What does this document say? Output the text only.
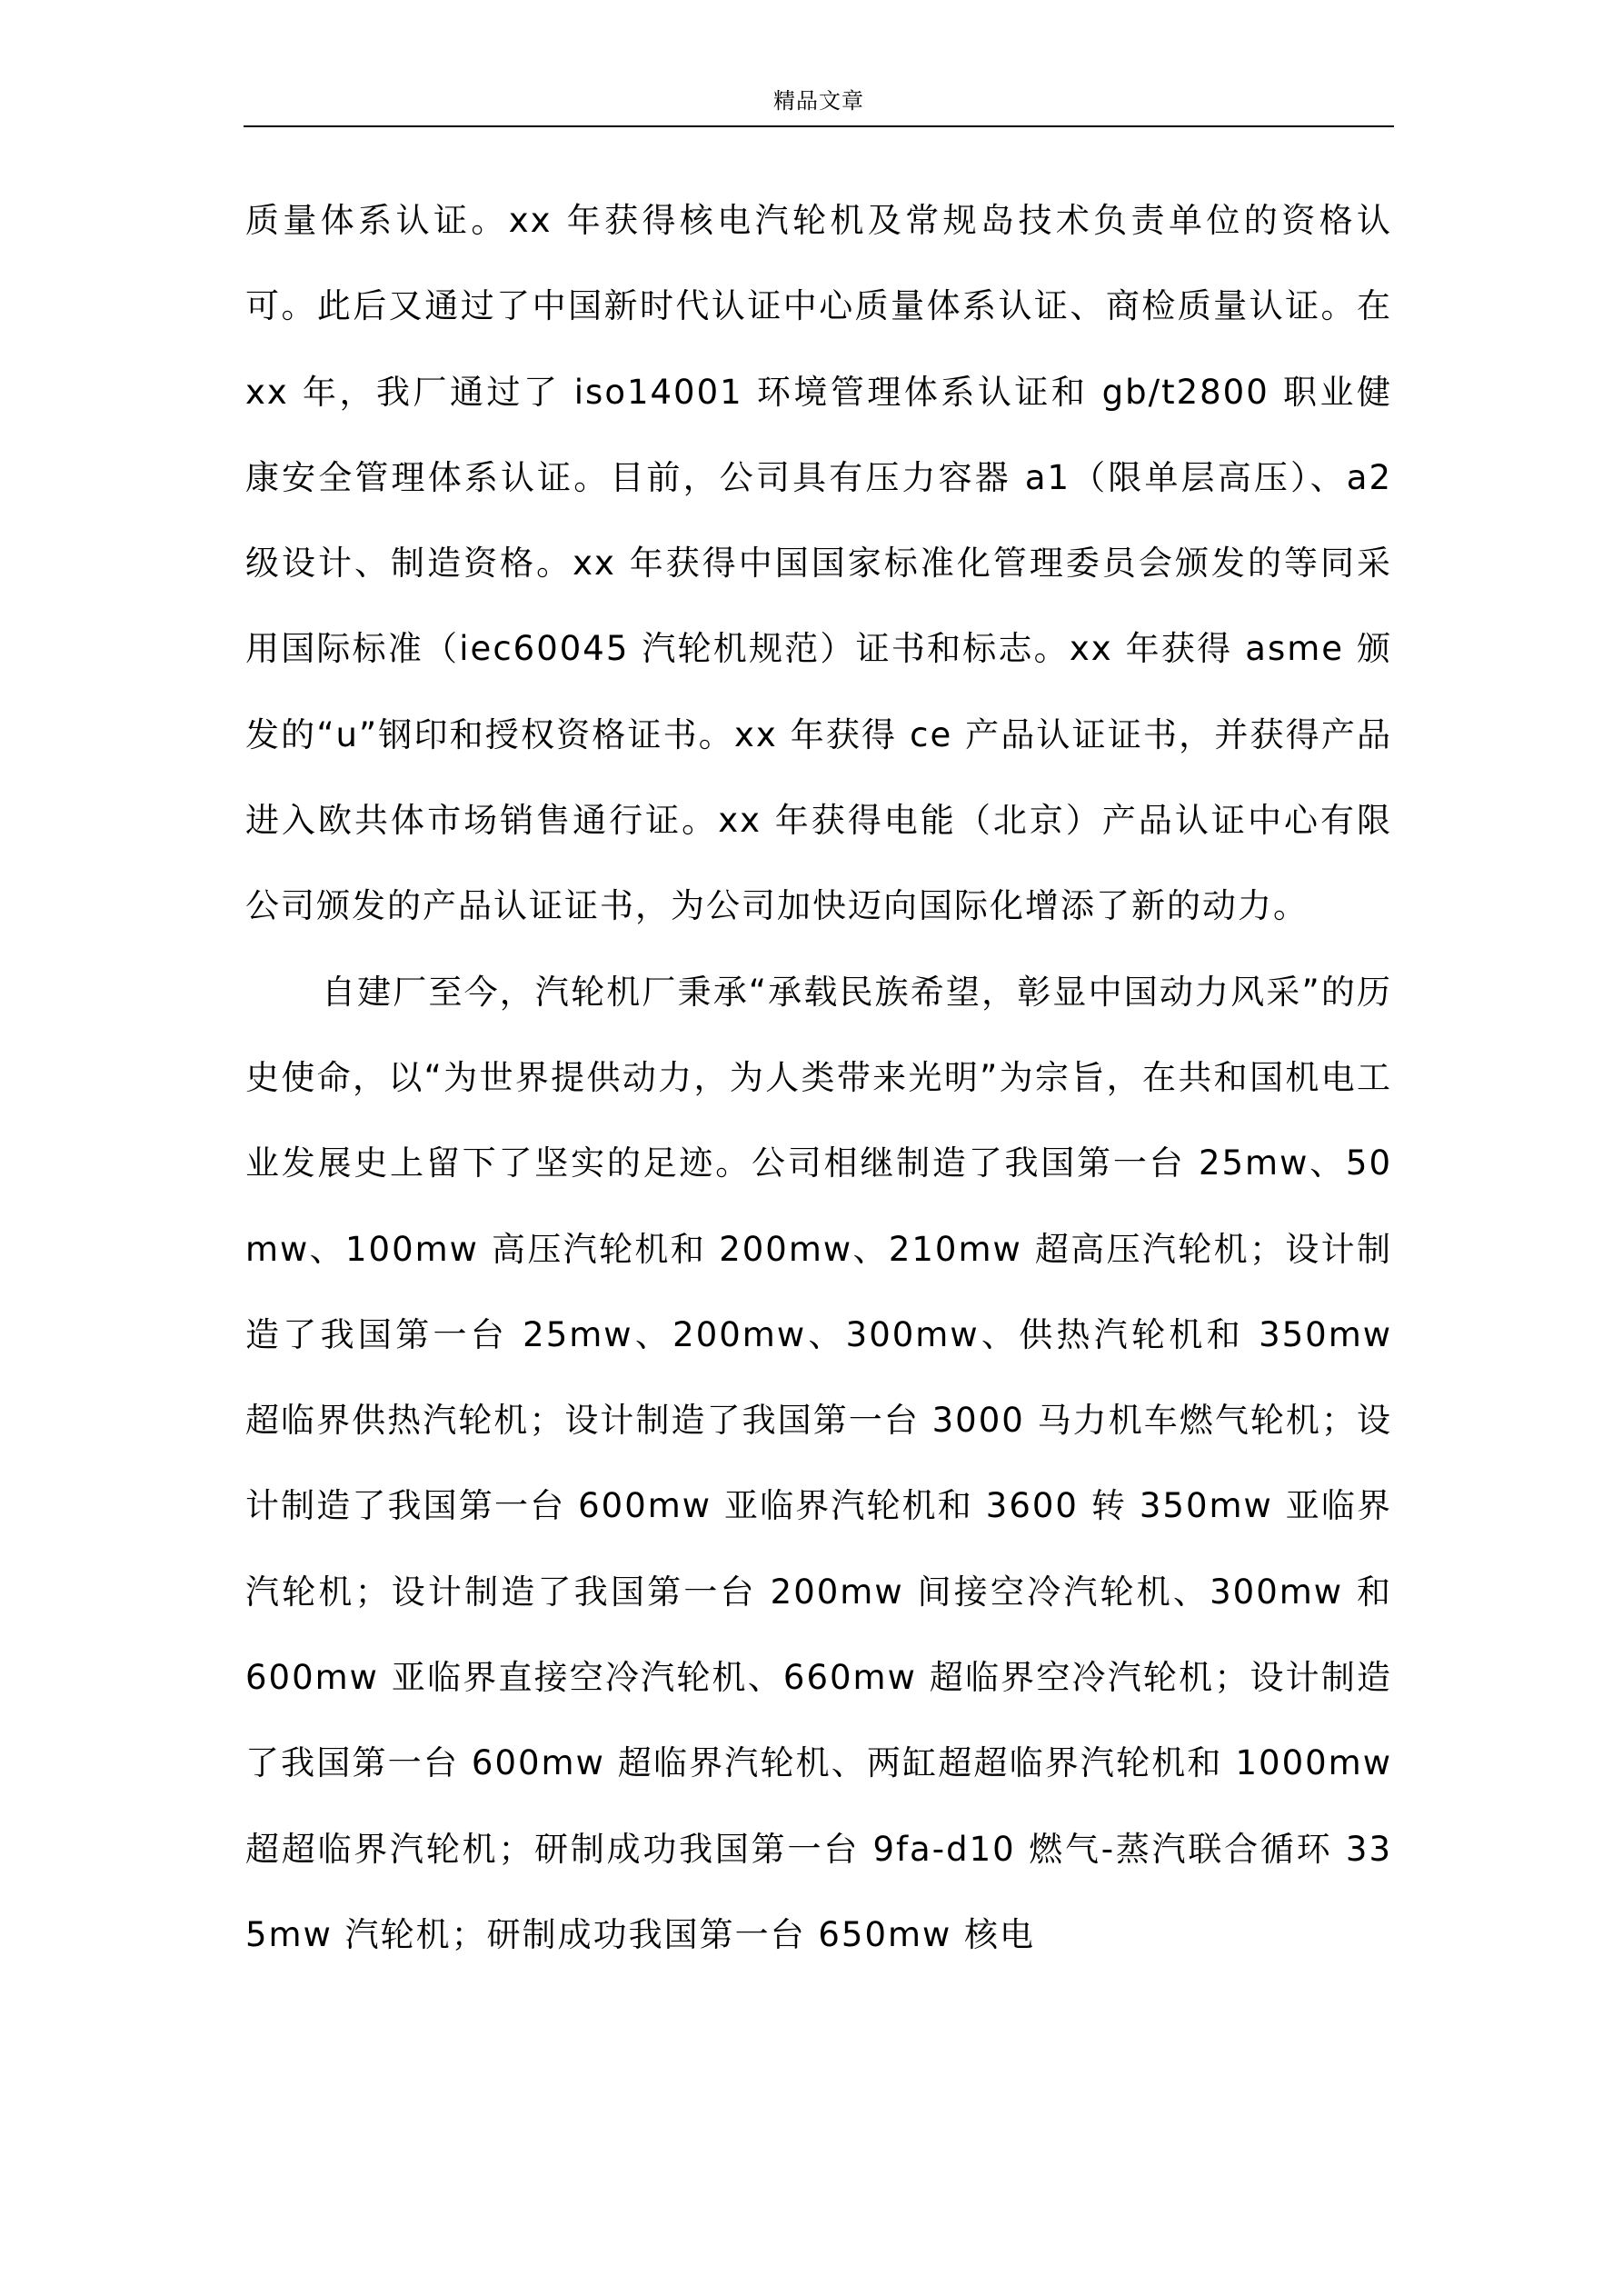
精品文章

质量体系认证。xx 年获得核电汽轮机及常规岛技术负责单位的资格认可。此后又通过了中国新时代认证中心质量体系认证、商检质量认证。在 xx 年，我厂通过了 iso14001 环境管理体系认证和 gb/t2800 职业健康安全管理体系认证。目前，公司具有压力容器 a1（限单层高压）、a2 级设计、制造资格。xx 年获得中国国家标准化管理委员会颁发的等同采用国际标准（iec60045 汽轮机规范）证书和标志。xx 年获得 asme 颁发的“u”钢印和授权资格证书。xx 年获得 ce 产品认证证书，并获得产品进入欧共体市场销售通行证。xx 年获得电能（北京）产品认证中心有限公司颁发的产品认证证书，为公司加快迈向国际化增添了新的动力。

自建厂至今，汽轮机厂秉承“承载民族希望，彰显中国动力风采”的历史使命，以“为世界提供动力，为人类带来光明”为宗旨，在共和国机电工业发展史上留下了坚实的足迹。公司相继制造了我国第一台 25mw、50mw、100mw 高压汽轮机和 200mw、210mw 超高压汽轮机；设计制造了我国第一台 25mw、200mw、300mw、供热汽轮机和 350mw 超临界供热汽轮机；设计制造了我国第一台 3000 马力机车燃气轮机；设计制造了我国第一台 600mw 亚临界汽轮机和 3600 转 350mw 亚临界汽轮机；设计制造了我国第一台 200mw 间接空冷汽轮机、300mw 和 600mw 亚临界直接空冷汽轮机、660mw 超临界空冷汽轮机；设计制造了我国第一台 600mw 超临界汽轮机、两缸超超临界汽轮机和 1000mw 超超临界汽轮机；研制成功我国第一台 9fa-d10 燃气-蒸汽联合循环 335mw 汽轮机；研制成功我国第一台 650mw 核电
